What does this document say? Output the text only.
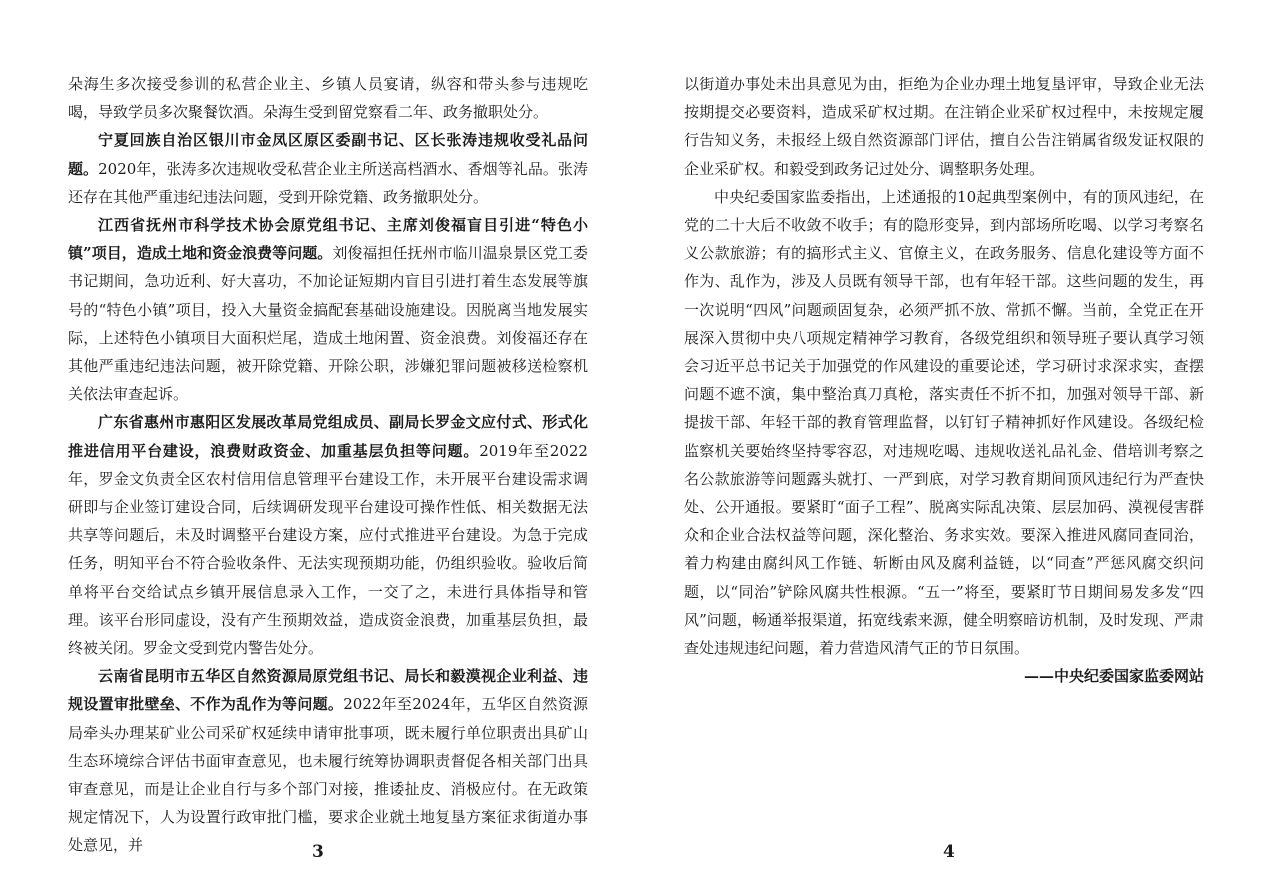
朵海生多次接受参训的私营企业主、乡镇人员宴请，纵容和带头参与违规吃喝，导致学员多次聚餐饮酒。朵海生受到留党察看二年、政务撤职处分。

宁夏回族自治区银川市金凤区原区委副书记、区长张涛违规收受礼品问题。2020年，张涛多次违规收受私营企业主所送高档酒水、香烟等礼品。张涛还存在其他严重违纪违法问题，受到开除党籍、政务撤职处分。

江西省抚州市科学技术协会原党组书记、主席刘俊福盲目引进“特色小镇”项目，造成土地和资金浪费等问题。刘俊福担任抚州市临川温泉景区党工委书记期间，急功近利、好大喜功，不加论证短期内盲目引进打着生态发展等旗号的“特色小镇”项目，投入大量资金搞配套基础设施建设。因脱离当地发展实际，上述特色小镇项目大面积烂尾，造成土地闲置、资金浪费。刘俊福还存在其他严重违纪违法问题，被开除党籍、开除公职，涉嫌犯罪问题被移送检察机关依法审查起诉。

广东省惠州市惠阳区发展改革局党组成员、副局长罗金文应付式、形式化推进信用平台建设，浪费财政资金、加重基层负担等问题。2019年至2022年，罗金文负责全区农村信用信息管理平台建设工作，未开展平台建设需求调研即与企业签订建设合同，后续调研发现平台建设可操作性低、相关数据无法共享等问题后，未及时调整平台建设方案，应付式推进平台建设。为急于完成任务，明知平台不符合验收条件、无法实现预期功能，仍组织验收。验收后简单将平台交给试点乡镇开展信息录入工作，一交了之，未进行具体指导和管理。该平台形同虚设，没有产生预期效益，造成资金浪费，加重基层负担，最终被关闭。罗金文受到党内警告处分。

云南省昆明市五华区自然资源局原党组书记、局长和毅漠视企业利益、违规设置审批壁垒、不作为乱作为等问题。2022年至2024年，五华区自然资源局牵头办理某矿业公司采矿权延续申请审批事项，既未履行单位职责出具矿山生态环境综合评估书面审查意见，也未履行统筹协调职责督促各相关部门出具审查意见，而是让企业自行与多个部门对接，推诿扯皮、消极应付。在无政策规定情况下，人为设置行政审批门槛，要求企业就土地复垦方案征求街道办事处意见，并

以街道办事处未出具意见为由，拒绝为企业办理土地复垦评审，导致企业无法按期提交必要资料，造成采矿权过期。在注销企业采矿权过程中，未按规定履行告知义务，未报经上级自然资源部门评估，擅自公告注销属省级发证权限的企业采矿权。和毅受到政务记过处分、调整职务处理。

中央纪委国家监委指出，上述通报的10起典型案例中，有的顶风违纪，在党的二十大后不收敛不收手；有的隐形变异，到内部场所吃喝、以学习考察名义公款旅游；有的搞形式主义、官僚主义，在政务服务、信息化建设等方面不作为、乱作为，涉及人员既有领导干部，也有年轻干部。这些问题的发生，再一次说明“四风”问题顽固复杂，必须严抓不放、常抓不懈。当前，全党正在开展深入贯彻中央八项规定精神学习教育，各级党组织和领导班子要认真学习领会习近平总书记关于加强党的作风建设的重要论述，学习研讨求深求实，查摆问题不遮不演，集中整治真刀真枪，落实责任不折不扣，加强对领导干部、新提拔干部、年轻干部的教育管理监督，以钉钉子精神抓好作风建设。各级纪检监察机关要始终坚持零容忍，对违规吃喝、违规收送礼品礼金、借培训考察之名公款旅游等问题露头就打、一严到底，对学习教育期间顶风违纪行为严查快处、公开通报。要紧盯“面子工程”、脱离实际乱决策、层层加码、漠视侵害群众和企业合法权益等问题，深化整治、务求实效。要深入推进风腐同查同治，着力构建由腐纠风工作链、斩断由风及腐利益链，以“同查”严惩风腐交织问题，以“同治”铲除风腐共性根源。“五一”将至，要紧盯节日期间易发多发“四风”问题，畅通举报渠道，拓宽线索来源，健全明察暗访机制，及时发现、严肃查处违规违纪问题，着力营造风清气正的节日氛围。

——中央纪委国家监委网站

3	4
